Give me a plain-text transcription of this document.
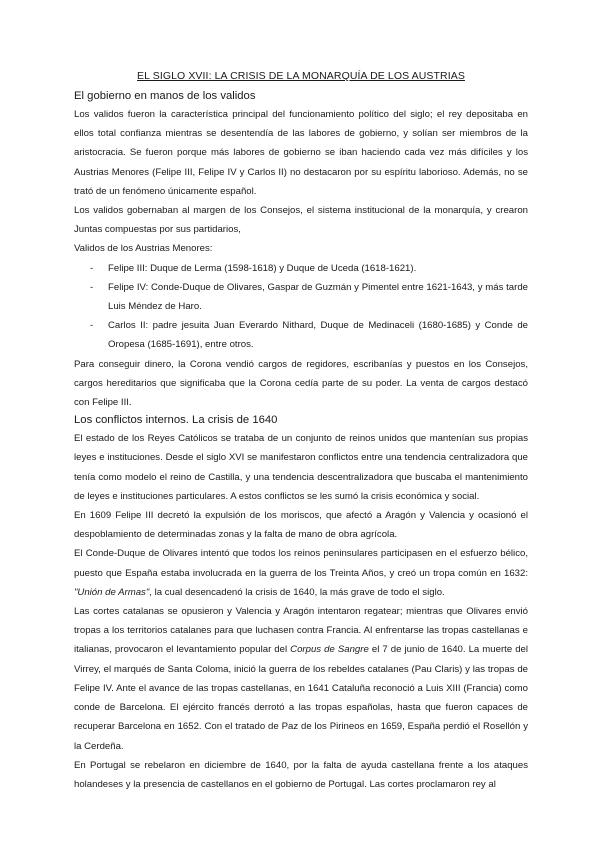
EL SIGLO XVII: LA CRISIS DE LA MONARQUÍA DE LOS AUSTRIAS
El gobierno en manos de los validos

Los validos fueron la característica principal del funcionamiento político del siglo; el rey depositaba en ellos total confianza mientras se desentendía de las labores de gobierno, y solían ser miembros de la aristocracia. Se fueron porque más labores de gobierno se iban haciendo cada vez más difíciles y los Austrias Menores (Felipe III, Felipe IV y Carlos II) no destacaron por su espíritu laborioso. Además, no se trató de un fenómeno únicamente español.

Los validos gobernaban al margen de los Consejos, el sistema institucional de la monarquía, y crearon Juntas compuestas por sus partidarios,

Validos de los Austrias Menores:

- Felipe III: Duque de Lerma (1598-1618) y Duque de Uceda (1618-1621).
- Felipe IV: Conde-Duque de Olivares, Gaspar de Guzmán y Pimentel entre 1621-1643, y más tarde Luis Méndez de Haro.
- Carlos II: padre jesuita Juan Everardo Nithard, Duque de Medinaceli (1680-1685) y Conde de Oropesa (1685-1691), entre otros.

Para conseguir dinero, la Corona vendió cargos de regidores, escribanías y puestos en los Consejos, cargos hereditarios que significaba que la Corona cedía parte de su poder. La venta de cargos destacó con Felipe III.

Los conflictos internos. La crisis de 1640

El estado de los Reyes Católicos se trataba de un conjunto de reinos unidos que mantenían sus propias leyes e instituciones. Desde el siglo XVI se manifestaron conflictos entre una tendencia centralizadora que tenía como modelo el reino de Castilla, y una tendencia descentralizadora que buscaba el mantenimiento de leyes e instituciones particulares. A estos conflictos se les sumó la crisis económica y social.

En 1609 Felipe III decretó la expulsión de los moriscos, que afectó a Aragón y Valencia y ocasionó el despoblamiento de determinadas zonas y la falta de mano de obra agrícola.

El Conde-Duque de Olivares intentó que todos los reinos peninsulares participasen en el esfuerzo bélico, puesto que España estaba involucrada en la guerra de los Treinta Años, y creó un tropa común en 1632: "Unión de Armas", la cual desencadenó la crisis de 1640, la más grave de todo el siglo.

Las cortes catalanas se opusieron y Valencia y Aragón intentaron regatear; mientras que Olivares envió tropas a los territorios catalanes para que luchasen contra Francia. Al enfrentarse las tropas castellanas e italianas, provocaron el levantamiento popular del Corpus de Sangre el 7 de junio de 1640. La muerte del Virrey, el marqués de Santa Coloma, inició la guerra de los rebeldes catalanes (Pau Claris) y las tropas de Felipe IV. Ante el avance de las tropas castellanas, en 1641 Cataluña reconoció a Luis XIII (Francia) como conde de Barcelona. El ejército francés derrotó a las tropas españolas, hasta que fueron capaces de recuperar Barcelona en 1652. Con el tratado de Paz de los Pirineos en 1659, España perdió el Rosellón y la Cerdeña.

En Portugal se rebelaron en diciembre de 1640, por la falta de ayuda castellana frente a los ataques holandeses y la presencia de castellanos en el gobierno de Portugal. Las cortes proclamaron rey al
